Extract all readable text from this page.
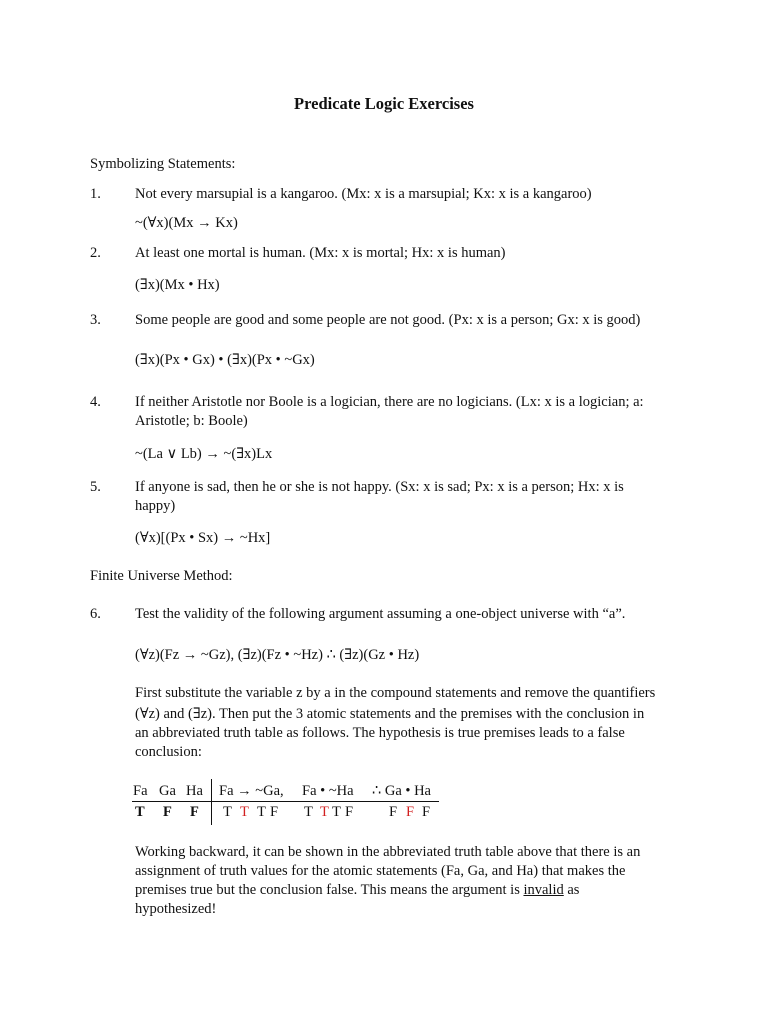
Predicate Logic Exercises
Symbolizing Statements:
1. Not every marsupial is a kangaroo. (Mx: x is a marsupial; Kx: x is a kangaroo)
~(∀x)(Mx → Kx)
2. At least one mortal is human. (Mx: x is mortal; Hx: x is human)
(∃x)(Mx • Hx)
3. Some people are good and some people are not good. (Px: x is a person; Gx: x is good)
(∃x)(Px • Gx) • (∃x)(Px • ~Gx)
4. If neither Aristotle nor Boole is a logician, there are no logicians. (Lx: x is a logician; a:
Aristotle; b: Boole)
~(La ∨ Lb) → ~(∃x)Lx
5. If anyone is sad, then he or she is not happy. (Sx: x is sad; Px: x is a person; Hx: x is
happy)
(∀x)[(Px • Sx) → ~Hx]
Finite Universe Method:
6. Test the validity of the following argument assuming a one-object universe with “a”.
(∀z)(Fz → ~Gz), (∃z)(Fz • ~Hz) ∴ (∃z)(Gz • Hz)
First substitute the variable z by a in the compound statements and remove the quantifiers
(∀z) and (∃z). Then put the 3 atomic statements and the premises with the conclusion in
an abbreviated truth table as follows. The hypothesis is true premises leads to a false
conclusion:
Fa Ga Ha Fa → ~Ga, Fa • ~Ha ∴ Ga • Ha
T F F T T T F T T T F F F F
Working backward, it can be shown in the abbreviated truth table above that there is an
assignment of truth values for the atomic statements (Fa, Ga, and Ha) that makes the
premises true but the conclusion false. This means the argument is invalid as
hypothesized!
